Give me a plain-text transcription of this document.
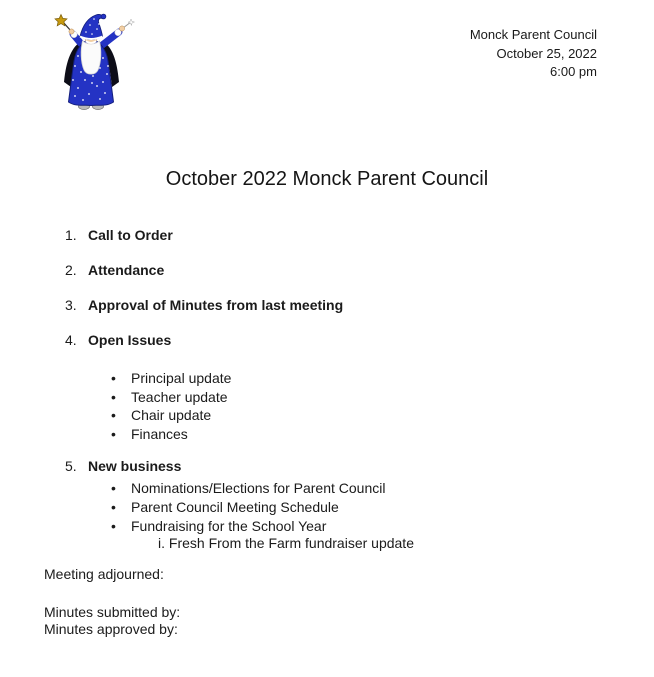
Monck Parent Council
October 25, 2022
6:00 pm
October 2022 Monck Parent Council
1. Call to Order
2. Attendance
3. Approval of Minutes from last meeting
4. Open Issues
• Principal update
• Teacher update
• Chair update
• Finances
5. New business
• Nominations/Elections for Parent Council
• Parent Council Meeting Schedule
• Fundraising for the School Year
i. Fresh From the Farm fundraiser update
Meeting adjourned:
Minutes submitted by:
Minutes approved by:
